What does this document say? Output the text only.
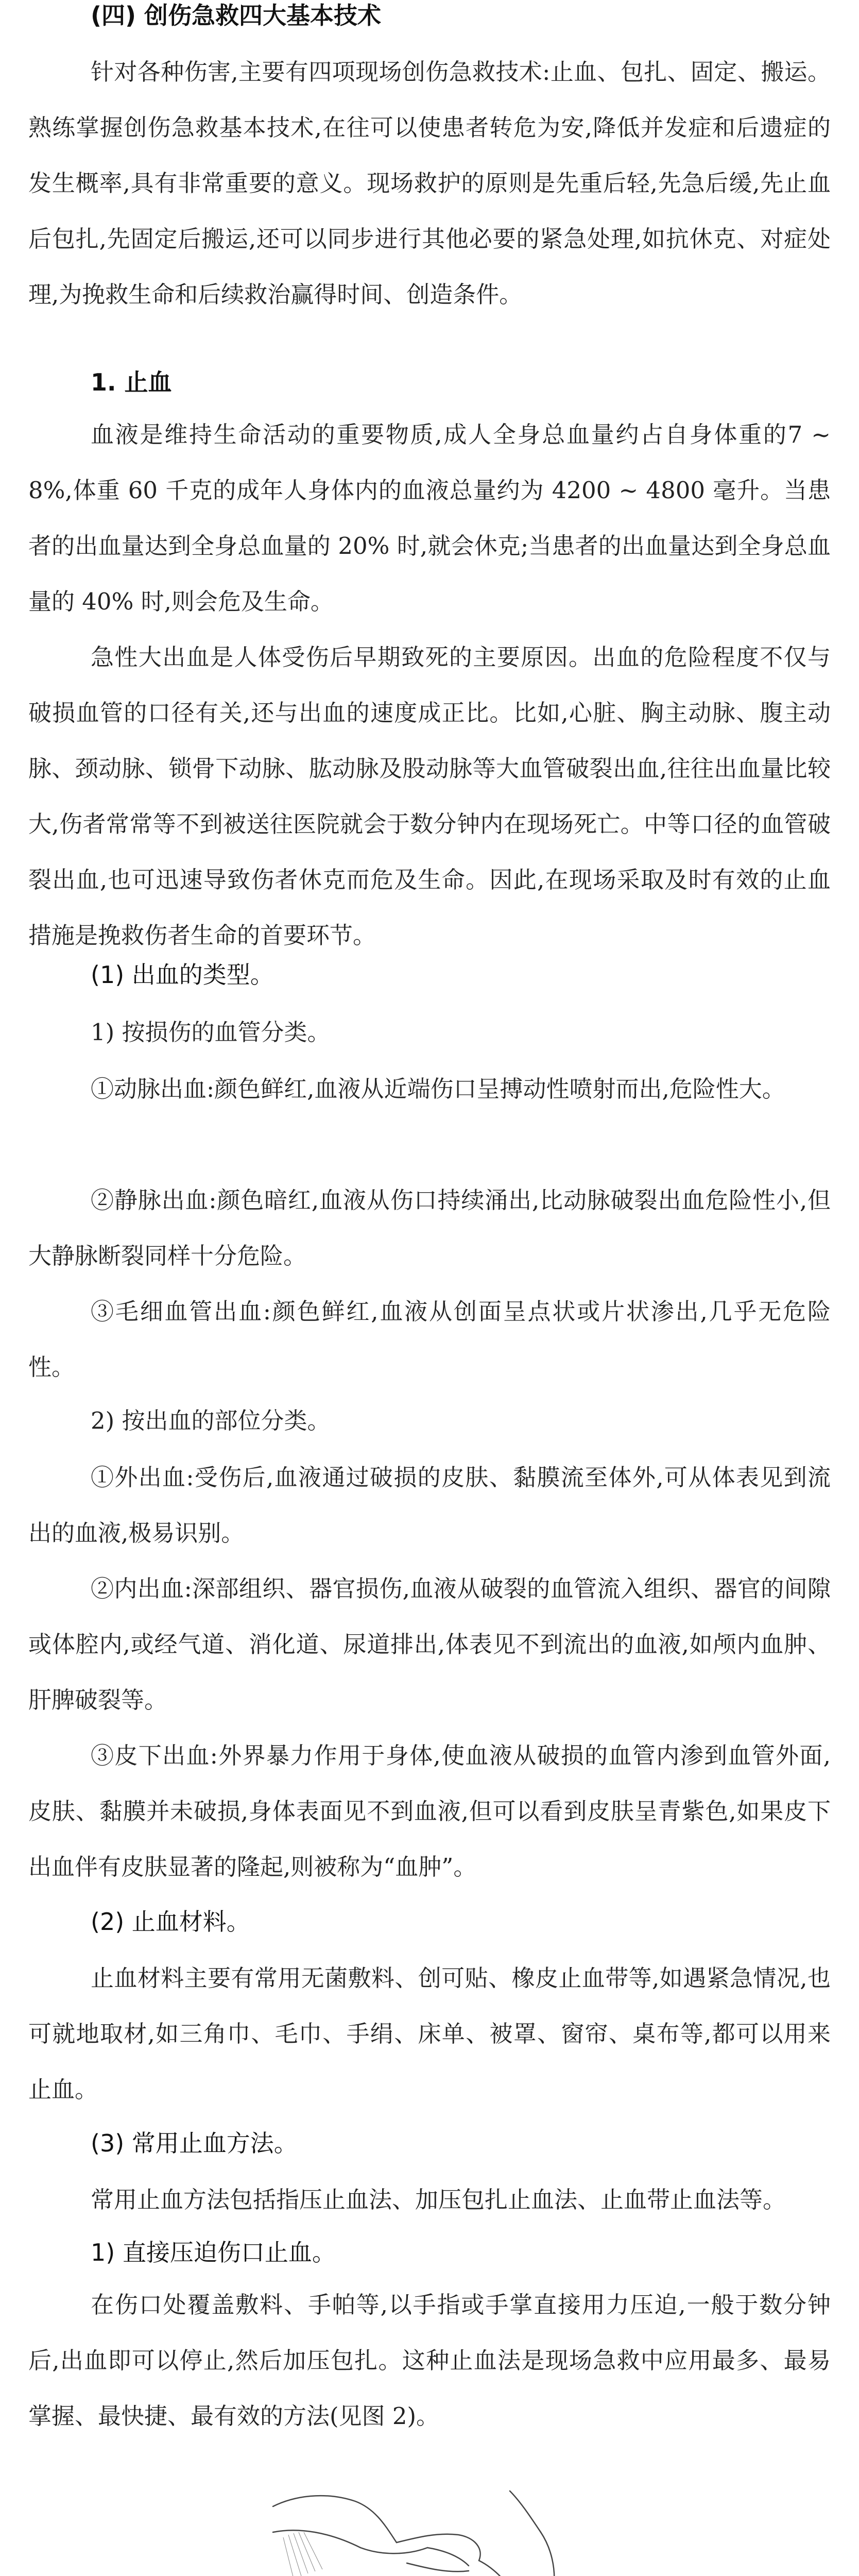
(四) 创伤急救四大基本技术

针对各种伤害,主要有四项现场创伤急救技术:止血、包扎、固定、搬运。熟练掌握创伤急救基本技术,在往可以使患者转危为安,降低并发症和后遗症的发生概率,具有非常重要的意义。现场救护的原则是先重后轻,先急后缓,先止血后包扎,先固定后搬运,还可以同步进行其他必要的紧急处理,如抗休克、对症处理,为挽救生命和后续救治赢得时间、创造条件。

1. 止血

血液是维持生命活动的重要物质,成人全身总血量约占自身体重的7 ~ 8%,体重 60 千克的成年人身体内的血液总量约为 4200 ~ 4800 毫升。当患者的出血量达到全身总血量的 20% 时,就会休克;当患者的出血量达到全身总血量的 40% 时,则会危及生命。

急性大出血是人体受伤后早期致死的主要原因。出血的危险程度不仅与破损血管的口径有关,还与出血的速度成正比。比如,心脏、胸主动脉、腹主动脉、颈动脉、锁骨下动脉、肱动脉及股动脉等大血管破裂出血,往往出血量比较大,伤者常常等不到被送往医院就会于数分钟内在现场死亡。中等口径的血管破裂出血,也可迅速导致伤者休克而危及生命。因此,在现场采取及时有效的止血措施是挽救伤者生命的首要环节。

(1) 出血的类型。
1) 按损伤的血管分类。

①动脉出血:颜色鲜红,血液从近端伤口呈搏动性喷射而出,危险性大。

②静脉出血:颜色暗红,血液从伤口持续涌出,比动脉破裂出血危险性小,但大静脉断裂同样十分危险。

③毛细血管出血:颜色鲜红,血液从创面呈点状或片状渗出,几乎无危险性。

2) 按出血的部位分类。

①外出血:受伤后,血液通过破损的皮肤、黏膜流至体外,可从体表见到流出的血液,极易识别。

②内出血:深部组织、器官损伤,血液从破裂的血管流入组织、器官的间隙或体腔内,或经气道、消化道、尿道排出,体表见不到流出的血液,如颅内血肿、肝脾破裂等。

③皮下出血:外界暴力作用于身体,使血液从破损的血管内渗到血管外面,皮肤、黏膜并未破损,身体表面见不到血液,但可以看到皮肤呈青紫色,如果皮下出血伴有皮肤显著的隆起,则被称为“血肿”。

(2) 止血材料。

止血材料主要有常用无菌敷料、创可贴、橡皮止血带等,如遇紧急情况,也可就地取材,如三角巾、毛巾、手绢、床单、被罩、窗帘、桌布等,都可以用来止血。

(3) 常用止血方法。

常用止血方法包括指压止血法、加压包扎止血法、止血带止血法等。

1) 直接压迫伤口止血。

在伤口处覆盖敷料、手帕等,以手指或手掌直接用力压迫,一般于数分钟后,出血即可以停止,然后加压包扎。这种止血法是现场急救中应用最多、最易掌握、最快捷、最有效的方法(见图 2)。
